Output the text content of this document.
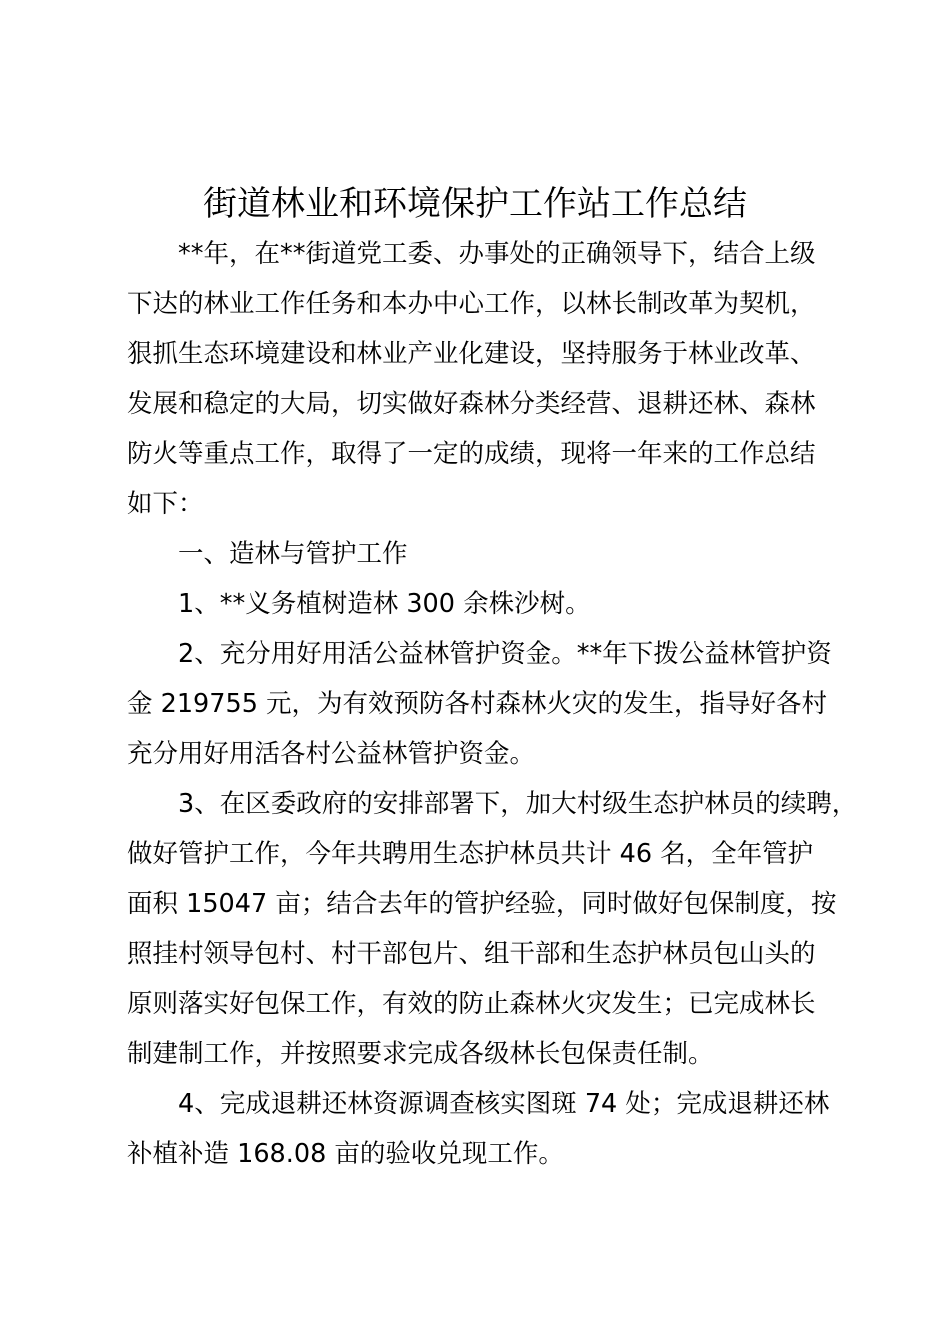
街道林业和环境保护工作站工作总结

**年，在**街道党工委、办事处的正确领导下，结合上级
下达的林业工作任务和本办中心工作，以林长制改革为契机，
狠抓生态环境建设和林业产业化建设，坚持服务于林业改革、
发展和稳定的大局，切实做好森林分类经营、退耕还林、森林
防火等重点工作，取得了一定的成绩，现将一年来的工作总结
如下：

一、造林与管护工作

1、**义务植树造林 300 余株沙树。

2、充分用好用活公益林管护资金。**年下拨公益林管护资
金 219755 元，为有效预防各村森林火灾的发生，指导好各村
充分用好用活各村公益林管护资金。

3、在区委政府的安排部署下，加大村级生态护林员的续聘，
做好管护工作，今年共聘用生态护林员共计 46 名，全年管护
面积 15047 亩；结合去年的管护经验，同时做好包保制度，按
照挂村领导包村、村干部包片、组干部和生态护林员包山头的
原则落实好包保工作，有效的防止森林火灾发生；已完成林长
制建制工作，并按照要求完成各级林长包保责任制。

4、完成退耕还林资源调查核实图斑 74 处；完成退耕还林
补植补造 168.08 亩的验收兑现工作。
